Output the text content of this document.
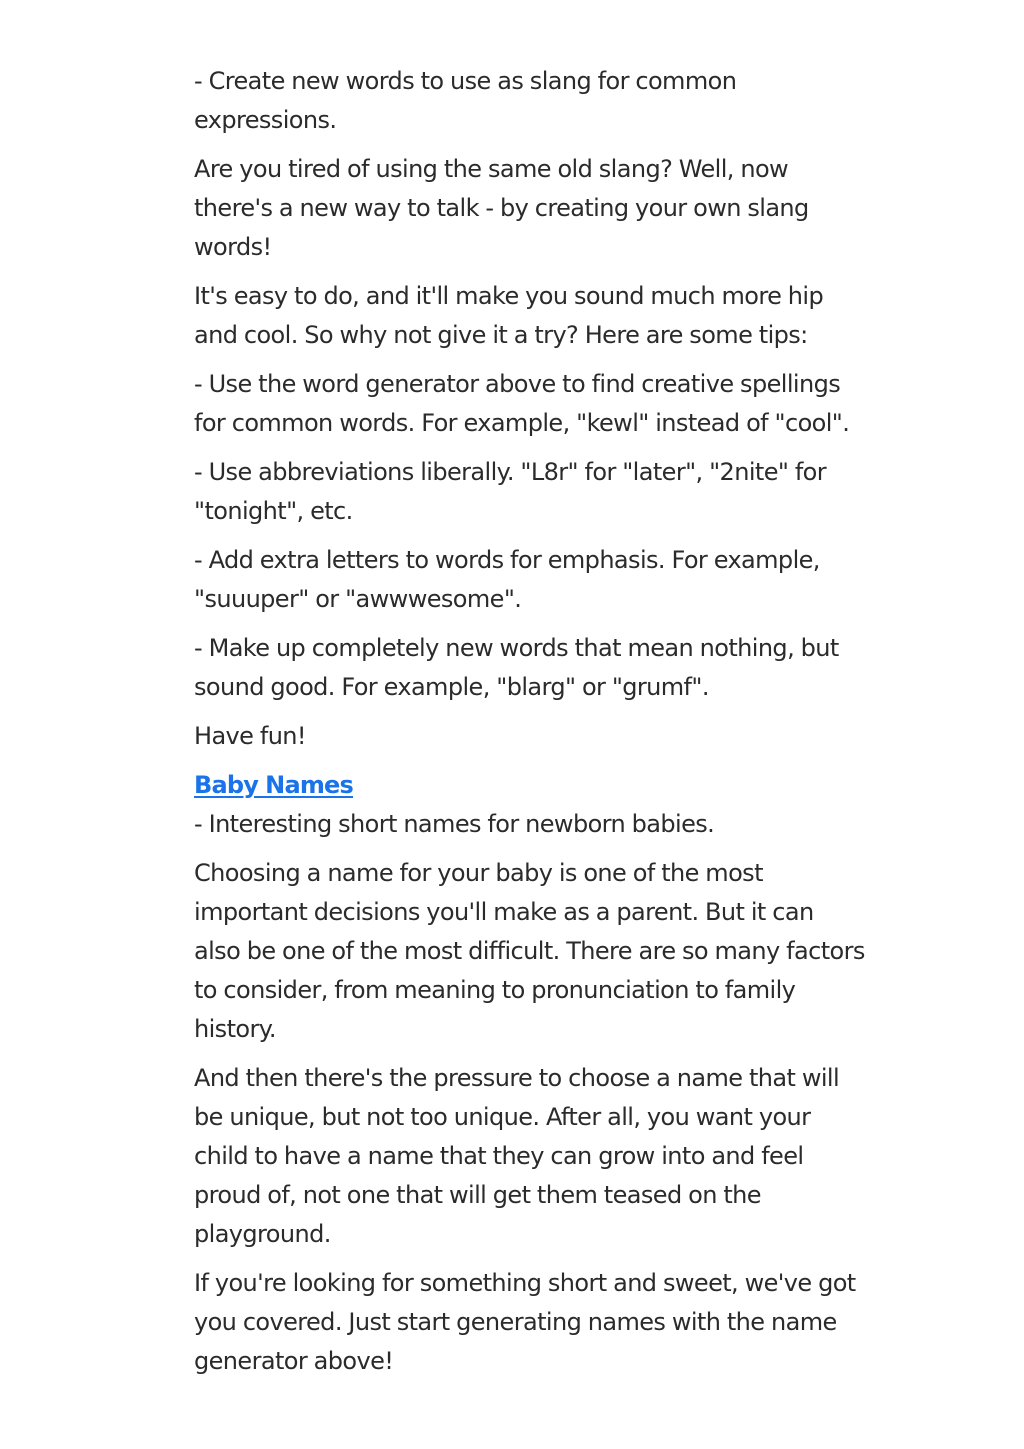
- Create new words to use as slang for common expressions.

Are you tired of using the same old slang? Well, now there's a new way to talk - by creating your own slang words!

It's easy to do, and it'll make you sound much more hip and cool. So why not give it a try? Here are some tips:

- Use the word generator above to find creative spellings for common words. For example, "kewl" instead of "cool".

- Use abbreviations liberally. "L8r" for "later", "2nite" for "tonight", etc.

- Add extra letters to words for emphasis. For example, "suuuper" or "awwwesome".

- Make up completely new words that mean nothing, but sound good. For example, "blarg" or "grumf".

Have fun!

Baby Names

- Interesting short names for newborn babies.

Choosing a name for your baby is one of the most important decisions you'll make as a parent. But it can also be one of the most difficult. There are so many factors to consider, from meaning to pronunciation to family history.

And then there's the pressure to choose a name that will be unique, but not too unique. After all, you want your child to have a name that they can grow into and feel proud of, not one that will get them teased on the playground.

If you're looking for something short and sweet, we've got you covered. Just start generating names with the name generator above!
